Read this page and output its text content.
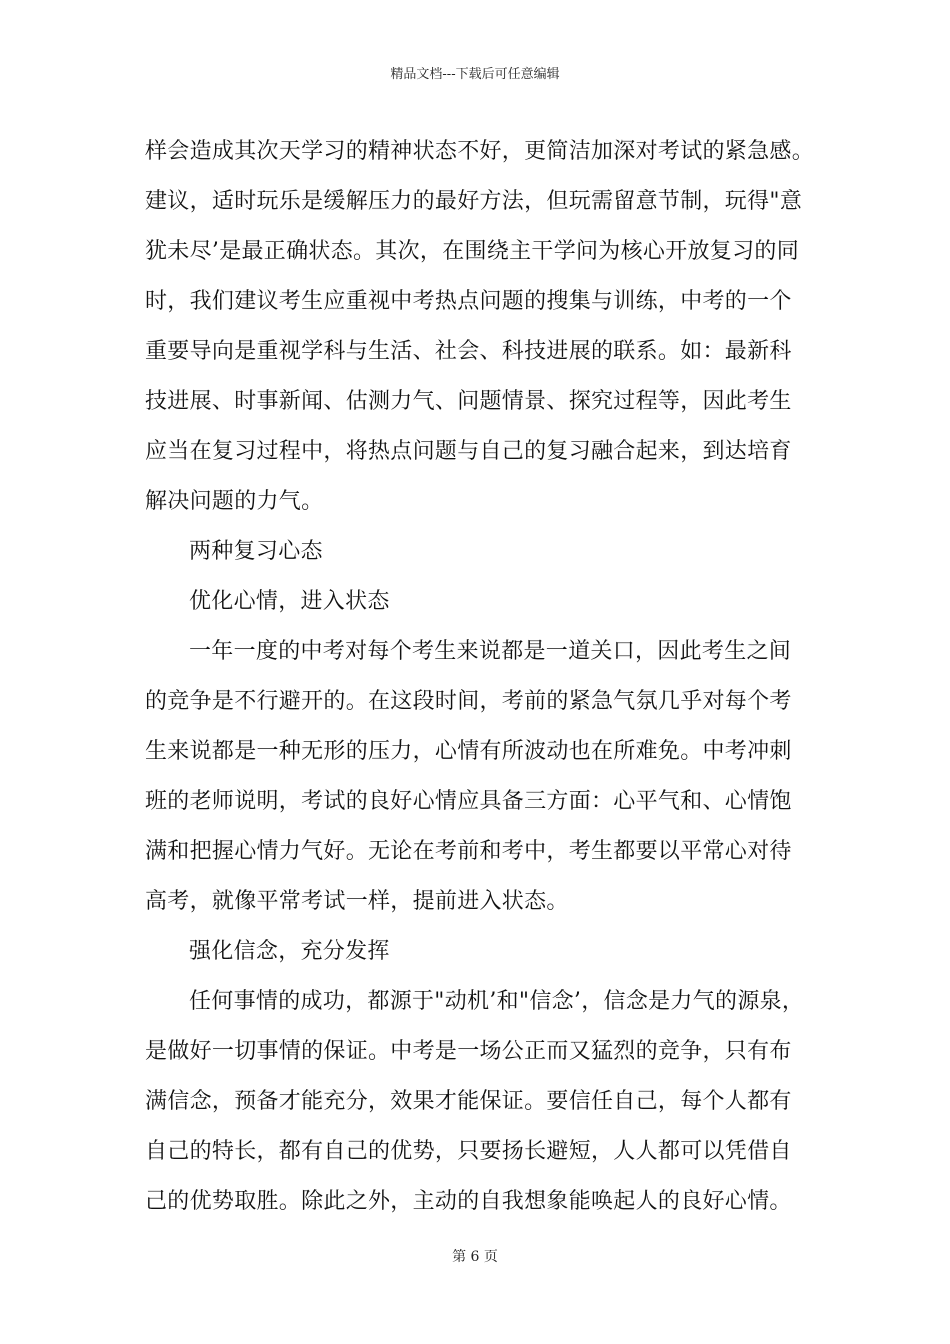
精品文档---下载后可任意编辑
样会造成其次天学习的精神状态不好，更简洁加深对考试的紧急感。
建议，适时玩乐是缓解压力的最好方法，但玩需留意节制，玩得"意
犹未尽’是最正确状态。其次，在围绕主干学问为核心开放复习的同
时，我们建议考生应重视中考热点问题的搜集与训练，中考的一个
重要导向是重视学科与生活、社会、科技进展的联系。如：最新科
技进展、时事新闻、估测力气、问题情景、探究过程等，因此考生
应当在复习过程中，将热点问题与自己的复习融合起来，到达培育
解决问题的力气。
两种复习心态
优化心情，进入状态
一年一度的中考对每个考生来说都是一道关口，因此考生之间
的竞争是不行避开的。在这段时间，考前的紧急气氛几乎对每个考
生来说都是一种无形的压力，心情有所波动也在所难免。中考冲刺
班的老师说明，考试的良好心情应具备三方面：心平气和、心情饱
满和把握心情力气好。无论在考前和考中，考生都要以平常心对待
高考，就像平常考试一样，提前进入状态。
强化信念，充分发挥
任何事情的成功，都源于"动机’和"信念’，信念是力气的源泉，
是做好一切事情的保证。中考是一场公正而又猛烈的竞争，只有布
满信念，预备才能充分，效果才能保证。要信任自己，每个人都有
自己的特长，都有自己的优势，只要扬长避短，人人都可以凭借自
己的优势取胜。除此之外，主动的自我想象能唤起人的良好心情。
第 6 页
